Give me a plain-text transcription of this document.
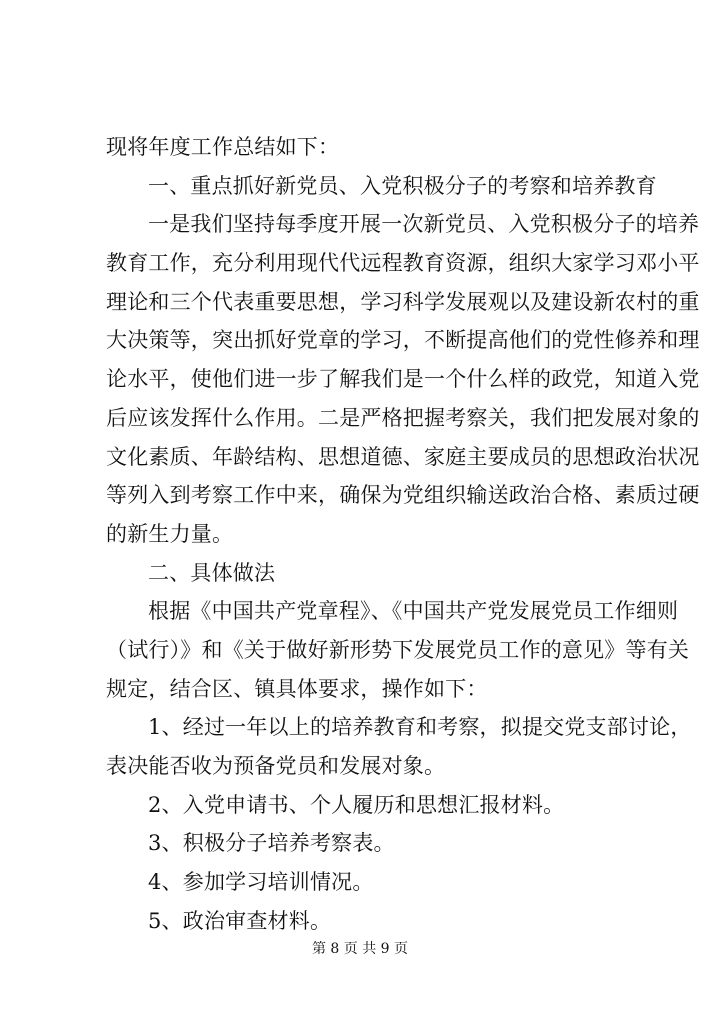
现将年度工作总结如下：
一、重点抓好新党员、入党积极分子的考察和培养教育
一是我们坚持每季度开展一次新党员、入党积极分子的培养
教育工作，充分利用现代代远程教育资源，组织大家学习邓小平
理论和三个代表重要思想，学习科学发展观以及建设新农村的重
大决策等，突出抓好党章的学习，不断提高他们的党性修养和理
论水平，使他们进一步了解我们是一个什么样的政党，知道入党
后应该发挥什么作用。二是严格把握考察关，我们把发展对象的
文化素质、年龄结构、思想道德、家庭主要成员的思想政治状况
等列入到考察工作中来，确保为党组织输送政治合格、素质过硬
的新生力量。
二、具体做法
根据《中国共产党章程》、《中国共产党发展党员工作细则
（试行）》和《关于做好新形势下发展党员工作的意见》等有关
规定，结合区、镇具体要求，操作如下：
1、经过一年以上的培养教育和考察，拟提交党支部讨论，
表决能否收为预备党员和发展对象。
2、入党申请书、个人履历和思想汇报材料。
3、积极分子培养考察表。
4、参加学习培训情况。
5、政治审查材料。
第 8 页 共 9 页
